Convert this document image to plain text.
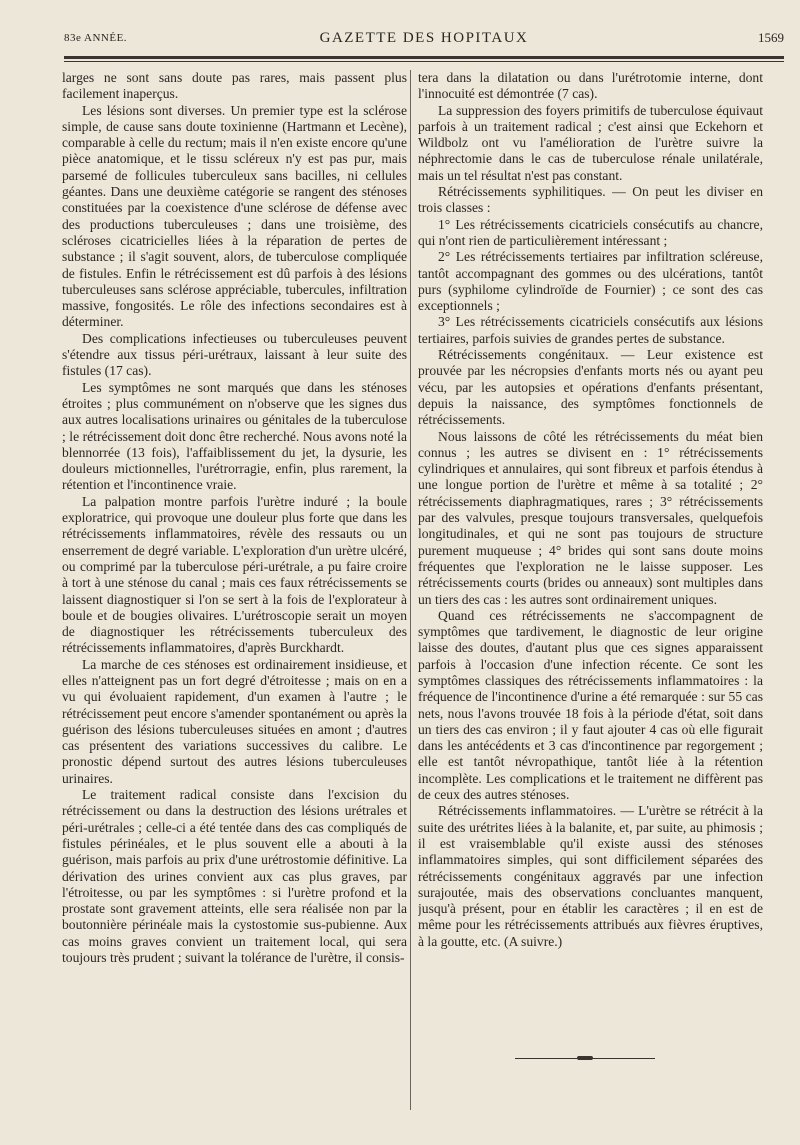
83e ANNÉE.	GAZETTE DES HOPITAUX	1569

larges ne sont sans doute pas rares, mais passent plus facilement inaperçus.

Les lésions sont diverses. Un premier type est la sclérose simple, de cause sans doute toxinienne (Hartmann et Lecène), comparable à celle du rectum; mais il n'en existe encore qu'une pièce anatomique, et le tissu scléreux n'y est pas pur, mais parsemé de follicules tuberculeux sans bacilles, ni cellules géantes. Dans une deuxième catégorie se rangent des sténoses constituées par la coexistence d'une sclérose de défense avec des productions tuberculeuses ; dans une troisième, des scléroses cicatricielles liées à la réparation de pertes de substance ; il s'agit souvent, alors, de tuberculose compliquée de fistules. Enfin le rétrécissement est dû parfois à des lésions tuberculeuses sans sclérose appréciable, tubercules, infiltration massive, fongosités. Le rôle des infections secondaires est à déterminer.

Des complications infectieuses ou tuberculeuses peuvent s'étendre aux tissus péri-urétraux, laissant à leur suite des fistules (17 cas).

Les symptômes ne sont marqués que dans les sténoses étroites ; plus communément on n'observe que les signes dus aux autres localisations urinaires ou génitales de la tuberculose ; le rétrécissement doit donc être recherché. Nous avons noté la blennorrée (13 fois), l'affaiblissement du jet, la dysurie, les douleurs mictionnelles, l'urétrorragie, enfin, plus rarement, la rétention et l'incontinence vraie.

La palpation montre parfois l'urètre induré ; la boule exploratrice, qui provoque une douleur plus forte que dans les rétrécissements inflammatoires, révèle des ressauts ou un enserrement de degré variable. L'exploration d'un urètre ulcéré, ou comprimé par la tuberculose péri-urétrale, a pu faire croire à tort à une sténose du canal ; mais ces faux rétrécissements se laissent diagnostiquer si l'on se sert à la fois de l'explorateur à boule et de bougies olivaires. L'urétroscopie serait un moyen de diagnostiquer les rétrécissements tuberculeux des rétrécissements inflammatoires, d'après Burckhardt.

La marche de ces sténoses est ordinairement insidieuse, et elles n'atteignent pas un fort degré d'étroitesse ; mais on en a vu qui évoluaient rapidement, d'un examen à l'autre ; le rétrécissement peut encore s'amender spontanément ou après la guérison des lésions tuberculeuses situées en amont ; d'autres cas présentent des variations successives du calibre. Le pronostic dépend surtout des autres lésions tuberculeuses urinaires.

Le traitement radical consiste dans l'excision du rétrécissement ou dans la destruction des lésions urétrales et péri-urétrales ; celle-ci a été tentée dans des cas compliqués de fistules périnéales, et le plus souvent elle a abouti à la guérison, mais parfois au prix d'une urétrostomie définitive. La dérivation des urines convient aux cas plus graves, par l'étroitesse, ou par les symptômes : si l'urètre profond et la prostate sont gravement atteints, elle sera réalisée non par la boutonnière périnéale mais la cystostomie sus-pubienne. Aux cas moins graves convient un traitement local, qui sera toujours très prudent ; suivant la tolérance de l'urètre, il consis-

tera dans la dilatation ou dans l'urétrotomie interne, dont l'innocuité est démontrée (7 cas).

La suppression des foyers primitifs de tuberculose équivaut parfois à un traitement radical ; c'est ainsi que Eckehorn et Wildbolz ont vu l'amélioration de l'urètre suivre la néphrectomie dans le cas de tuberculose rénale unilatérale, mais un tel résultat n'est pas constant.

Rétrécissements syphilitiques. — On peut les diviser en trois classes :

1° Les rétrécissements cicatriciels consécutifs au chancre, qui n'ont rien de particulièrement intéressant ;

2° Les rétrécissements tertiaires par infiltration scléreuse, tantôt accompagnant des gommes ou des ulcérations, tantôt purs (syphilome cylindroïde de Fournier) ; ce sont des cas exceptionnels ;

3° Les rétrécissements cicatriciels consécutifs aux lésions tertiaires, parfois suivies de grandes pertes de substance.

Rétrécissements congénitaux. — Leur existence est prouvée par les nécropsies d'enfants morts nés ou ayant peu vécu, par les autopsies et opérations d'enfants présentant, depuis la naissance, des symptômes fonctionnels de rétrécissements.

Nous laissons de côté les rétrécissements du méat bien connus ; les autres se divisent en : 1° rétrécissements cylindriques et annulaires, qui sont fibreux et parfois étendus à une longue portion de l'urètre et même à sa totalité ; 2° rétrécissements diaphragmatiques, rares ; 3° rétrécissements par des valvules, presque toujours transversales, quelquefois longitudinales, et qui ne sont pas toujours de structure purement muqueuse ; 4° brides qui sont sans doute moins fréquentes que l'exploration ne le laisse supposer. Les rétrécissements courts (brides ou anneaux) sont multiples dans un tiers des cas : les autres sont ordinairement uniques.

Quand ces rétrécissements ne s'accompagnent de symptômes que tardivement, le diagnostic de leur origine laisse des doutes, d'autant plus que ces signes apparaissent parfois à l'occasion d'une infection récente. Ce sont les symptômes classiques des rétrécissements inflammatoires : la fréquence de l'incontinence d'urine a été remarquée : sur 55 cas nets, nous l'avons trouvée 18 fois à la période d'état, soit dans un tiers des cas environ ; il y faut ajouter 4 cas où elle figurait dans les antécédents et 3 cas d'incontinence par regorgement ; elle est tantôt névropathique, tantôt liée à la rétention incomplète. Les complications et le traitement ne diffèrent pas de ceux des autres sténoses.

Rétrécissements inflammatoires. — L'urètre se rétrécit à la suite des urétrites liées à la balanite, et, par suite, au phimosis ; il est vraisemblable qu'il existe aussi des sténoses inflammatoires simples, qui sont difficilement séparées des rétrécissements congénitaux aggravés par une infection surajoutée, mais des observations concluantes manquent, jusqu'à présent, pour en établir les caractères ; il en est de même pour les rétrécissements attribués aux fièvres éruptives, à la goutte, etc. (A suivre.)
